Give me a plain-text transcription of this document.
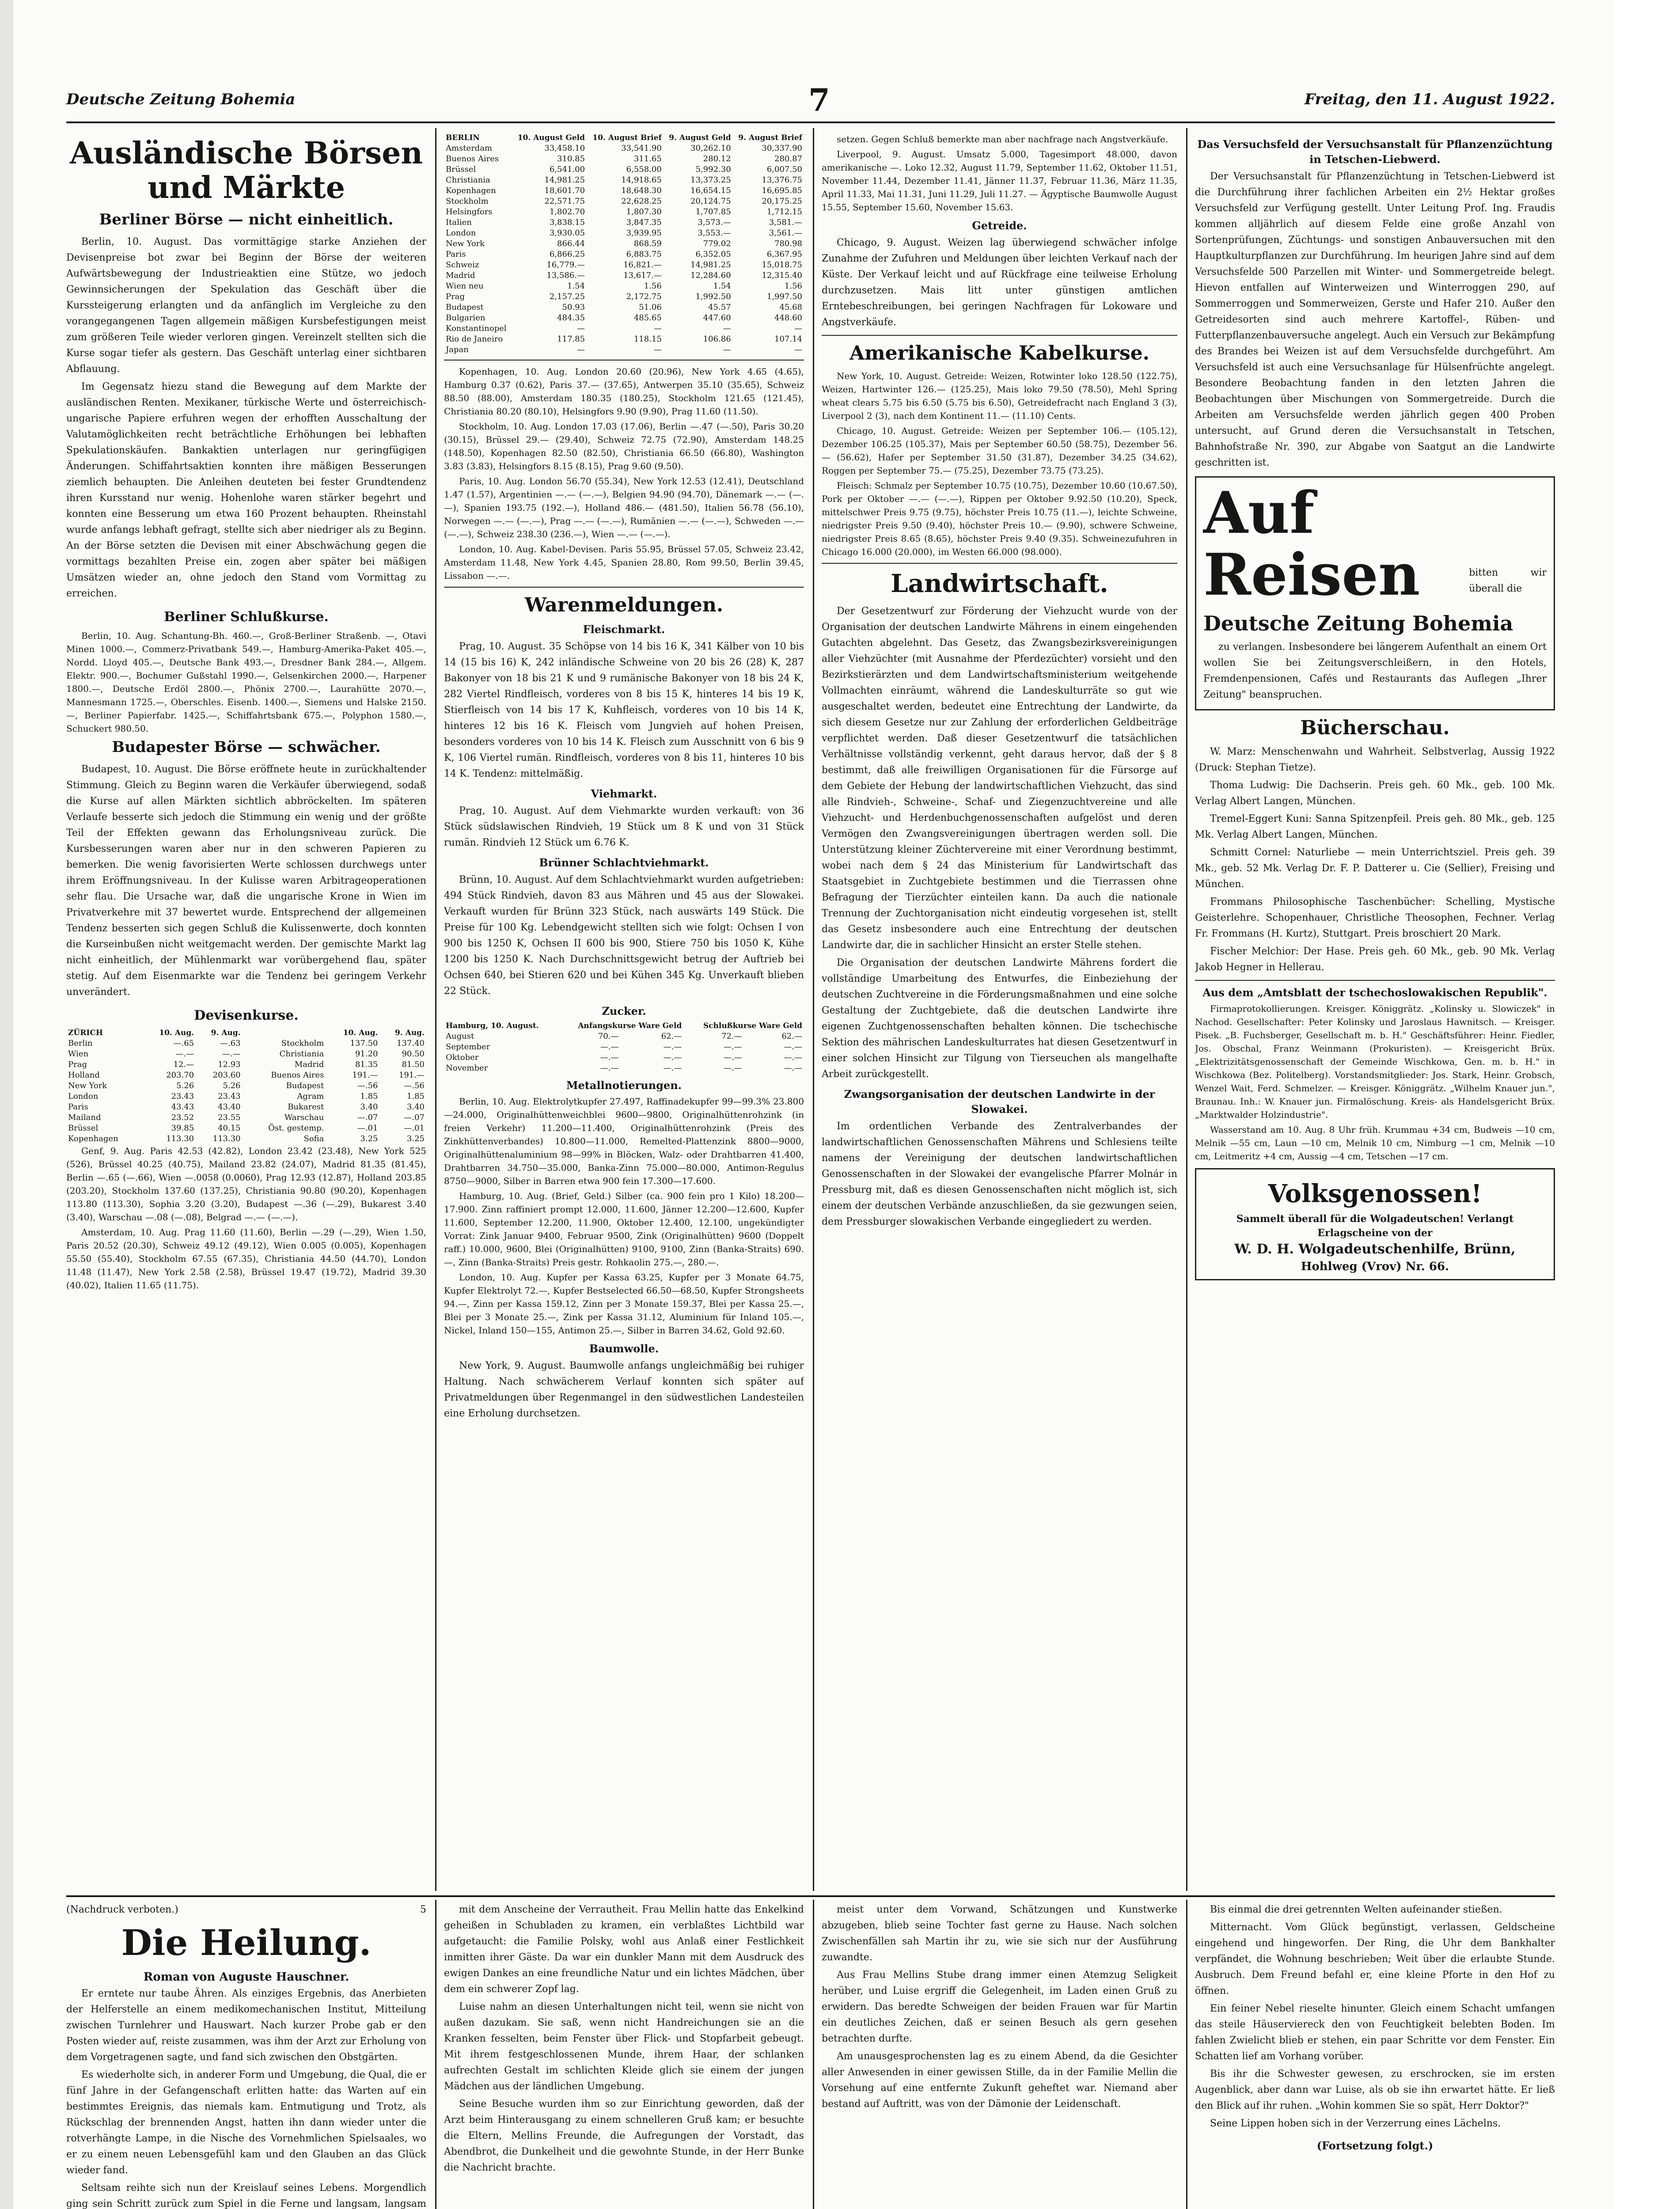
Deutsche Zeitung Bohemia	7	Freitag, den 11. August 1922.
Ausländische Börsen und Märkte
Berliner Börse — nicht einheitlich.

Berlin, 10. August. Das vormittägige starke Anziehen der Devisenpreise bot zwar bei Beginn der Börse der weiteren Aufwärtsbewegung der Industrieaktien eine Stütze, wo jedoch Gewinnsicherungen der Spekulation das Geschäft über die Kurssteigerung erlangten und da anfänglich im Vergleiche zu den vorangegangenen Tagen allgemein mäßigen Kursbefestigungen meist zum größeren Teile wieder verloren gingen. Vereinzelt stellten sich die Kurse sogar tiefer als gestern. Das Geschäft unterlag einer sichtbaren Abflauung.

Im Gegensatz hiezu stand die Bewegung auf dem Markte der ausländischen Renten. Mexikaner, türkische Werte und österreichisch-ungarische Papiere erfuhren wegen der erhofften Ausschaltung der Valutamöglichkeiten recht beträchtliche Erhöhungen bei lebhaften Spekulationskäufen. Bankaktien unterlagen nur geringfügigen Änderungen. Schiffahrtsaktien konnten ihre mäßigen Besserungen ziemlich behaupten. Die Anleihen deuteten bei fester Grundtendenz ihren Kursstand nur wenig. Hohenlohe waren stärker begehrt und konnten eine Besserung um etwa 160 Prozent behaupten. Rheinstahl wurde anfangs lebhaft gefragt, stellte sich aber niedriger als zu Beginn. An der Börse setzten die Devisen mit einer Abschwächung gegen die vormittags bezahlten Preise ein, zogen aber später bei mäßigen Umsätzen wieder an, ohne jedoch den Stand vom Vormittag zu erreichen.

Berliner Schlußkurse.

Berlin, 10. Aug. Schantung-Bh. 460.—, Groß-Berliner Straßenb. —, Otavi Minen 1000.—, Commerz-Privatbank 549.—, Hamburg-Amerika-Paket 405.—, Nordd. Lloyd 405.—, Deutsche Bank 493.—, Dresdner Bank 284.—, Allgem. Elektr. 900.—, Bochumer Gußstahl 1990.—, Gelsenkirchen 2000.—, Harpener 1800.—, Deutsche Erdöl 2800.—, Phönix 2700.—, Laurahütte 2070.—, Mannesmann 1725.—, Oberschles. Eisenb. 1400.—, Siemens und Halske 2150.—, Berliner Papierfabr. 1425.—, Schiffahrtsbank 675.—, Polyphon 1580.—, Schuckert 980.50.

Budapester Börse — schwächer.

Budapest, 10. August. Die Börse eröffnete heute in zurückhaltender Stimmung. Gleich zu Beginn waren die Verkäufer überwiegend, sodaß die Kurse auf allen Märkten sichtlich abbröckelten. Im späteren Verlaufe besserte sich jedoch die Stimmung ein wenig und der größte Teil der Effekten gewann das Erholungsniveau zurück. Die Kursbesserungen waren aber nur in den schweren Papieren zu bemerken. Die wenig favorisierten Werte schlossen durchwegs unter ihrem Eröffnungsniveau. In der Kulisse waren Arbitrageoperationen sehr flau. Die Ursache war, daß die ungarische Krone in Wien im Privatverkehre mit 37 bewertet wurde. Entsprechend der allgemeinen Tendenz besserten sich gegen Schluß die Kulissenwerte, doch konnten die Kurseinbußen nicht weitgemacht werden. Der gemischte Markt lag nicht einheitlich, der Mühlenmarkt war vorübergehend flau, später stetig. Auf dem Eisenmarkte war die Tendenz bei geringem Verkehr unverändert.

Devisenkurse.
ZÜRICH	10. Aug.	9. Aug.		10. Aug.	9. Aug.
Berlin	—.65	—.63	Stockholm	137.50	137.40
Wien	—.—	—.—	Christiania	91.20	90.50
Prag	12.—	12.93	Madrid	81.35	81.50
Holland	203.70	203.60	Buenos Aires	191.—	191.—
New York	5.26	5.26	Budapest	—.56	—.56
London	23.43	23.43	Agram	1.85	1.85
Paris	43.43	43.40	Bukarest	3.40	3.40
Mailand	23.52	23.55	Warschau	—.07	—.07
Brüssel	39.85	40.15	Öst. gestemp.	—.01	—.01
Kopenhagen	113.30	113.30	Sofia	3.25	3.25

Genf, 9. Aug. Paris 42.53 (42.82), London 23.42 (23.48), New York 525 (526), Brüssel 40.25 (40.75), Mailand 23.82 (24.07), Madrid 81.35 (81.45), Berlin —.65 (—.66), Wien —.0058 (0.0060), Prag 12.93 (12.87), Holland 203.85 (203.20), Stockholm 137.60 (137.25), Christiania 90.80 (90.20), Kopenhagen 113.80 (113.30), Sophia 3.20 (3.20), Budapest —.36 (—.29), Bukarest 3.40 (3.40), Warschau —.08 (—.08), Belgrad —.— (—.—).

Amsterdam, 10. Aug. Prag 11.60 (11.60), Berlin —.29 (—.29), Wien 1.50, Paris 20.52 (20.30), Schweiz 49.12 (49.12), Wien 0.005 (0.005), Kopenhagen 55.50 (55.40), Stockholm 67.55 (67.35), Christiania 44.50 (44.70), London 11.48 (11.47), New York 2.58 (2.58), Brüssel 19.47 (19.72), Madrid 39.30 (40.02), Italien 11.65 (11.75).

BERLIN	10. August Geld	10. August Brief	9. August Geld	9. August Brief
Amsterdam	33,458.10	33,541.90	30,262.10	30,337.90
Buenos Aires	310.85	311.65	280.12	280.87
Brüssel	6,541.00	6,558.00	5,992.30	6,007.50
Christiania	14,981.25	14,918.65	13,373.25	13,376.75
Kopenhagen	18,601.70	18,648.30	16,654.15	16,695.85
Stockholm	22,571.75	22,628.25	20,124.75	20,175.25
Helsingfors	1,802.70	1,807.30	1,707.85	1,712.15
Italien	3,838.15	3,847.35	3,573.—	3,581.—
London	3,930.05	3,939.95	3,553.—	3,561.—
New York	866.44	868.59	779.02	780.98
Paris	6,866.25	6,883.75	6,352.05	6,367.95
Schweiz	16,779.—	16,821.—	14,981.25	15,018.75
Madrid	13,586.—	13,617.—	12,284.60	12,315.40
Wien neu	1.54	1.56	1.54	1.56
Prag	2,157.25	2,172.75	1,992.50	1,997.50
Budapest	50.93	51.06	45.57	45.68
Bulgarien	484.35	485.65	447.60	448.60
Konstantinopel	—	—	—	—
Rio de Janeiro	117.85	118.15	106.86	107.14
Japan	—	—	—	—

Kopenhagen, 10. Aug. London 20.60 (20.96), New York 4.65 (4.65), Hamburg 0.37 (0.62), Paris 37.— (37.65), Antwerpen 35.10 (35.65), Schweiz 88.50 (88.00), Amsterdam 180.35 (180.25), Stockholm 121.65 (121.45), Christiania 80.20 (80.10), Helsingfors 9.90 (9.90), Prag 11.60 (11.50).

Stockholm, 10. Aug. London 17.03 (17.06), Berlin —.47 (—.50), Paris 30.20 (30.15), Brüssel 29.— (29.40), Schweiz 72.75 (72.90), Amsterdam 148.25 (148.50), Kopenhagen 82.50 (82.50), Christiania 66.50 (66.80), Washington 3.83 (3.83), Helsingfors 8.15 (8.15), Prag 9.60 (9.50).

Paris, 10. Aug. London 56.70 (55.34), New York 12.53 (12.41), Deutschland 1.47 (1.57), Argentinien —.— (—.—), Belgien 94.90 (94.70), Dänemark —.— (—.—), Spanien 193.75 (192.—), Holland 486.— (481.50), Italien 56.78 (56.10), Norwegen —.— (—.—), Prag —.— (—.—), Rumänien —.— (—.—), Schweden —.— (—.—), Schweiz 238.30 (236.—), Wien —.— (—.—).

London, 10. Aug. Kabel-Devisen. Paris 55.95, Brüssel 57.05, Schweiz 23.42, Amsterdam 11.48, New York 4.45, Spanien 28.80, Rom 99.50, Berlin 39.45, Lissabon —.—.

Warenmeldungen.
Fleischmarkt.

Prag, 10. August. 35 Schöpse von 14 bis 16 K, 341 Kälber von 10 bis 14 (15 bis 16) K, 242 inländische Schweine von 20 bis 26 (28) K, 287 Bakonyer von 18 bis 21 K und 9 rumänische Bakonyer von 18 bis 24 K, 282 Viertel Rindfleisch, vorderes von 8 bis 15 K, hinteres 14 bis 19 K, Stierfleisch von 14 bis 17 K, Kuhfleisch, vorderes von 10 bis 14 K, hinteres 12 bis 16 K. Fleisch vom Jungvieh auf hohen Preisen, besonders vorderes von 10 bis 14 K. Fleisch zum Ausschnitt von 6 bis 9 K, 106 Viertel rumän. Rindfleisch, vorderes von 8 bis 11, hinteres 10 bis 14 K. Tendenz: mittelmäßig.

Viehmarkt.

Prag, 10. August. Auf dem Viehmarkte wurden verkauft: von 36 Stück südslawischen Rindvieh, 19 Stück um 8 K und von 31 Stück rumän. Rindvieh 12 Stück um 6.76 K.

Brünner Schlachtviehmarkt.

Brünn, 10. August. Auf dem Schlachtviehmarkt wurden aufgetrieben: 494 Stück Rindvieh, davon 83 aus Mähren und 45 aus der Slowakei. Verkauft wurden für Brünn 323 Stück, nach auswärts 149 Stück. Die Preise für 100 Kg. Lebendgewicht stellten sich wie folgt: Ochsen I von 900 bis 1250 K, Ochsen II 600 bis 900, Stiere 750 bis 1050 K, Kühe 1200 bis 1250 K. Nach Durchschnittsgewicht betrug der Auftrieb bei Ochsen 640, bei Stieren 620 und bei Kühen 345 Kg. Unverkauft blieben 22 Stück.

Zucker.
Hamburg, 10. August.	Anfangskurse Ware Geld		Schlußkurse Ware Geld	
August	70.—	62.—	72.—	62.—
September	—.—	—.—	—.—	—.—
Oktober	—.—	—.—	—.—	—.—
November	—.—	—.—	—.—	—.—
Metallnotierungen.

Berlin, 10. Aug. Elektrolytkupfer 27.497, Raffinadekupfer 99—99.3% 23.800—24.000, Originalhüttenweichblei 9600—9800, Originalhüttenrohzink (in freien Verkehr) 11.200—11.400, Originalhüttenrohzink (Preis des Zinkhüttenverbandes) 10.800—11.000, Remelted-Plattenzink 8800—9000, Originalhüttenaluminium 98—99% in Blöcken, Walz- oder Drahtbarren 41.400, Drahtbarren 34.750—35.000, Banka-Zinn 75.000—80.000, Antimon-Regulus 8750—9000, Silber in Barren etwa 900 fein 17.300—17.600.

Hamburg, 10. Aug. (Brief, Geld.) Silber (ca. 900 fein pro 1 Kilo) 18.200—17.900. Zinn raffiniert prompt 12.000, 11.600, Jänner 12.200—12.600, Kupfer 11.600, September 12.200, 11.900, Oktober 12.400, 12.100, ungekündigter Vorrat: Zink Januar 9400, Februar 9500, Zink (Originalhütten) 9600 (Doppelt raff.) 10.000, 9600, Blei (Originalhütten) 9100, 9100, Zinn (Banka-Straits) 690.—, Zinn (Banka-Straits) Preis gestr. Rohkaolin 275.—, 280.—.

London, 10. Aug. Kupfer per Kassa 63.25, Kupfer per 3 Monate 64.75, Kupfer Elektrolyt 72.—, Kupfer Bestselected 66.50—68.50, Kupfer Strongsheets 94.—, Zinn per Kassa 159.12, Zinn per 3 Monate 159.37, Blei per Kassa 25.—, Blei per 3 Monate 25.—, Zink per Kassa 31.12, Aluminium für Inland 105.—, Nickel, Inland 150—155, Antimon 25.—, Silber in Barren 34.62, Gold 92.60.

Baumwolle.

New York, 9. August. Baumwolle anfangs ungleichmäßig bei ruhiger Haltung. Nach schwächerem Verlauf konnten sich später auf Privatmeldungen über Regenmangel in den südwestlichen Landesteilen eine Erholung durchsetzen.

setzen. Gegen Schluß bemerkte man aber nachfrage nach Angstverkäufe.

Liverpool, 9. August. Umsatz 5.000, Tagesimport 48.000, davon amerikanische —. Loko 12.32, August 11.79, September 11.62, Oktober 11.51, November 11.44, Dezember 11.41, Jänner 11.37, Februar 11.36, März 11.35, April 11.33, Mai 11.31, Juni 11.29, Juli 11.27. — Ägyptische Baumwolle August 15.55, September 15.60, November 15.63.

Getreide.

Chicago, 9. August. Weizen lag überwiegend schwächer infolge Zunahme der Zufuhren und Meldungen über leichten Verkauf nach der Küste. Der Verkauf leicht und auf Rückfrage eine teilweise Erholung durchzusetzen. Mais litt unter günstigen amtlichen Erntebeschreibungen, bei geringen Nachfragen für Lokoware und Angstverkäufe.

Amerikanische Kabelkurse.

New York, 10. August. Getreide: Weizen, Rotwinter loko 128.50 (122.75), Weizen, Hartwinter 126.— (125.25), Mais loko 79.50 (78.50), Mehl Spring wheat clears 5.75 bis 6.50 (5.75 bis 6.50), Getreidefracht nach England 3 (3), Liverpool 2 (3), nach dem Kontinent 11.— (11.10) Cents.

Chicago, 10. August. Getreide: Weizen per September 106.— (105.12), Dezember 106.25 (105.37), Mais per September 60.50 (58.75), Dezember 56.— (56.62), Hafer per September 31.50 (31.87), Dezember 34.25 (34.62), Roggen per September 75.— (75.25), Dezember 73.75 (73.25).

Fleisch: Schmalz per September 10.75 (10.75), Dezember 10.60 (10.67.50), Pork per Oktober —.— (—.—), Rippen per Oktober 9.92.50 (10.20), Speck, mittelschwer Preis 9.75 (9.75), höchster Preis 10.75 (11.—), leichte Schweine, niedrigster Preis 9.50 (9.40), höchster Preis 10.— (9.90), schwere Schweine, niedrigster Preis 8.65 (8.65), höchster Preis 9.40 (9.35). Schweinezufuhren in Chicago 16.000 (20.000), im Westen 66.000 (98.000).

Landwirtschaft.

Der Gesetzentwurf zur Förderung der Viehzucht wurde von der Organisation der deutschen Landwirte Mährens in einem eingehenden Gutachten abgelehnt. Das Gesetz, das Zwangsbezirksvereinigungen aller Viehzüchter (mit Ausnahme der Pferdezüchter) vorsieht und den Bezirkstierärzten und dem Landwirtschaftsministerium weitgehende Vollmachten einräumt, während die Landeskulturräte so gut wie ausgeschaltet werden, bedeutet eine Entrechtung der Landwirte, da sich diesem Gesetze nur zur Zahlung der erforderlichen Geldbeiträge verpflichtet werden. Daß dieser Gesetzentwurf die tatsächlichen Verhältnisse vollständig verkennt, geht daraus hervor, daß der § 8 bestimmt, daß alle freiwilligen Organisationen für die Fürsorge auf dem Gebiete der Hebung der landwirtschaftlichen Viehzucht, das sind alle Rindvieh-, Schweine-, Schaf- und Ziegenzuchtvereine und alle Viehzucht- und Herdenbuchgenossenschaften aufgelöst und deren Vermögen den Zwangsvereinigungen übertragen werden soll. Die Unterstützung kleiner Züchtervereine mit einer Verordnung bestimmt, wobei nach dem § 24 das Ministerium für Landwirtschaft das Staatsgebiet in Zuchtgebiete bestimmen und die Tierrassen ohne Befragung der Tierzüchter einteilen kann. Da auch die nationale Trennung der Zuchtorganisation nicht eindeutig vorgesehen ist, stellt das Gesetz insbesondere auch eine Entrechtung der deutschen Landwirte dar, die in sachlicher Hinsicht an erster Stelle stehen.

Die Organisation der deutschen Landwirte Mährens fordert die vollständige Umarbeitung des Entwurfes, die Einbeziehung der deutschen Zuchtvereine in die Förderungsmaßnahmen und eine solche Gestaltung der Zuchtgebiete, daß die deutschen Landwirte ihre eigenen Zuchtgenossenschaften behalten können. Die tschechische Sektion des mährischen Landeskulturrates hat diesen Gesetzentwurf in einer solchen Hinsicht zur Tilgung von Tierseuchen als mangelhafte Arbeit zurückgestellt.

Zwangsorganisation der deutschen Landwirte in der Slowakei.

Im ordentlichen Verbande des Zentralverbandes der landwirtschaftlichen Genossenschaften Mährens und Schlesiens teilte namens der Vereinigung der deutschen landwirtschaftlichen Genossenschaften in der Slowakei der evangelische Pfarrer Molnár in Pressburg mit, daß es diesen Genossenschaften nicht möglich ist, sich einem der deutschen Verbände anzuschließen, da sie gezwungen seien, dem Pressburger slowakischen Verbande eingegliedert zu werden.

Das Versuchsfeld der Versuchsanstalt für Pflanzenzüchtung in Tetschen-Liebwerd.

Der Versuchsanstalt für Pflanzenzüchtung in Tetschen-Liebwerd ist die Durchführung ihrer fachlichen Arbeiten ein 2½ Hektar großes Versuchsfeld zur Verfügung gestellt. Unter Leitung Prof. Ing. Fraudis kommen alljährlich auf diesem Felde eine große Anzahl von Sortenprüfungen, Züchtungs- und sonstigen Anbauversuchen mit den Hauptkulturpflanzen zur Durchführung. Im heurigen Jahre sind auf dem Versuchsfelde 500 Parzellen mit Winter- und Sommergetreide belegt. Hievon entfallen auf Winterweizen und Winterroggen 290, auf Sommerroggen und Sommerweizen, Gerste und Hafer 210. Außer den Getreidesorten sind auch mehrere Kartoffel-, Rüben- und Futterpflanzenbauversuche angelegt. Auch ein Versuch zur Bekämpfung des Brandes bei Weizen ist auf dem Versuchsfelde durchgeführt. Am Versuchsfeld ist auch eine Versuchsanlage für Hülsenfrüchte angelegt. Besondere Beobachtung fanden in den letzten Jahren die Beobachtungen über Mischungen von Sommergetreide. Durch die Arbeiten am Versuchsfelde werden jährlich gegen 400 Proben untersucht, auf Grund deren die Versuchsanstalt in Tetschen, Bahnhofstraße Nr. 390, zur Abgabe von Saatgut an die Landwirte geschritten ist.

Auf Reisen	bitten wir überall die
Deutsche Zeitung Bohemia

zu verlangen. Insbesondere bei längerem Aufenthalt an einem Ort wollen Sie bei Zeitungsverschleißern, in den Hotels, Fremdenpensionen, Cafés und Restaurants das Auflegen „Ihrer Zeitung" beanspruchen.

Bücherschau.

W. Marz: Menschenwahn und Wahrheit. Selbstverlag, Aussig 1922 (Druck: Stephan Tietze).

Thoma Ludwig: Die Dachserin. Preis geh. 60 Mk., geb. 100 Mk. Verlag Albert Langen, München.

Tremel-Eggert Kuni: Sanna Spitzenpfeil. Preis geh. 80 Mk., geb. 125 Mk. Verlag Albert Langen, München.

Schmitt Cornel: Naturliebe — mein Unterrichtsziel. Preis geh. 39 Mk., geb. 52 Mk. Verlag Dr. F. P. Datterer u. Cie (Sellier), Freising und München.

Frommans Philosophische Taschenbücher: Schelling, Mystische Geisterlehre. Schopenhauer, Christliche Theosophen, Fechner. Verlag Fr. Frommans (H. Kurtz), Stuttgart. Preis broschiert 20 Mark.

Fischer Melchior: Der Hase. Preis geh. 60 Mk., geb. 90 Mk. Verlag Jakob Hegner in Hellerau.

Aus dem „Amtsblatt der tschechoslowakischen Republik".

Firmaprotokollierungen. Kreisger. Königgrätz. „Kolinsky u. Slowiczek" in Nachod. Gesellschafter: Peter Kolinsky und Jaroslaus Hawnitsch. — Kreisger. Pisek. „B. Fuchsberger, Gesellschaft m. b. H." Geschäftsführer: Heinr. Fiedler, Jos. Obschal, Franz Weinmann (Prokuristen). — Kreisgericht Brüx. „Elektrizitätsgenossenschaft der Gemeinde Wischkowa, Gen. m. b. H." in Wischkowa (Bez. Politelberg). Vorstandsmitglieder: Jos. Stark, Heinr. Grobsch, Wenzel Wait, Ferd. Schmelzer. — Kreisger. Königgrätz. „Wilhelm Knauer jun.", Braunau. Inh.: W. Knauer jun. Firmalöschung. Kreis- als Handelsgericht Brüx. „Marktwalder Holzindustrie".

Wasserstand am 10. Aug. 8 Uhr früh. Krummau +34 cm, Budweis —10 cm, Melnik —55 cm, Laun —10 cm, Melnik 10 cm, Nimburg —1 cm, Melnik —10 cm, Leitmeritz +4 cm, Aussig —4 cm, Tetschen —17 cm.

Volksgenossen!
Sammelt überall für die Wolgadeutschen! Verlangt Erlagscheine von der
W. D. H. Wolgadeutschenhilfe, Brünn,
Hohlweg (Vrov) Nr. 66.
(Nachdruck verboten.)	5
Die Heilung.
Roman von Auguste Hauschner.

Er erntete nur taube Ähren. Als einziges Ergebnis, das Anerbieten der Helferstelle an einem medikomechanischen Institut, Mitteilung zwischen Turnlehrer und Hauswart. Nach kurzer Probe gab er den Posten wieder auf, reiste zusammen, was ihm der Arzt zur Erholung von dem Vorgetragenen sagte, und fand sich zwischen den Obstgärten.

Es wiederholte sich, in anderer Form und Umgebung, die Qual, die er fünf Jahre in der Gefangenschaft erlitten hatte: das Warten auf ein bestimmtes Ereignis, das niemals kam. Entmutigung und Trotz, als Rückschlag der brennenden Angst, hatten ihn dann wieder unter die rotverhängte Lampe, in die Nische des Vornehmlichen Spielsaales, wo er zu einem neuen Lebensgefühl kam und den Glauben an das Glück wieder fand.

Seltsam reihte sich nun der Kreislauf seines Lebens. Morgendlich ging sein Schritt zurück zum Spiel in die Ferne und langsam, langsam

mit dem Anscheine der Verrautheit. Frau Mellin hatte das Enkelkind geheißen in Schubladen zu kramen, ein verblaßtes Lichtbild war aufgetaucht: die Familie Polsky, wohl aus Anlaß einer Festlichkeit inmitten ihrer Gäste. Da war ein dunkler Mann mit dem Ausdruck des ewigen Dankes an eine freundliche Natur und ein lichtes Mädchen, über dem ein schwerer Zopf lag.

Luise nahm an diesen Unterhaltungen nicht teil, wenn sie nicht von außen dazukam. Sie saß, wenn nicht Handreichungen sie an die Kranken fesselten, beim Fenster über Flick- und Stopfarbeit gebeugt. Mit ihrem festgeschlossenen Munde, ihrem Haar, der schlanken aufrechten Gestalt im schlichten Kleide glich sie einem der jungen Mädchen aus der ländlichen Umgebung.

Seine Besuche wurden ihm so zur Einrichtung geworden, daß der Arzt beim Hinterausgang zu einem schnelleren Gruß kam; er besuchte die Eltern, Mellins Freunde, die Aufregungen der Vorstadt, das Abendbrot, die Dunkelheit und die gewohnte Stunde, in der Herr Bunke die Nachricht brachte.

meist unter dem Vorwand, Schätzungen und Kunstwerke abzugeben, blieb seine Tochter fast gerne zu Hause. Nach solchen Zwischenfällen sah Martin ihr zu, wie sie sich nur der Ausführung zuwandte.

Aus Frau Mellins Stube drang immer einen Atemzug Seligkeit herüber, und Luise ergriff die Gelegenheit, im Laden einen Gruß zu erwidern. Das beredte Schweigen der beiden Frauen war für Martin ein deutliches Zeichen, daß er seinen Besuch als gern gesehen betrachten durfte.

Am unausgesprochensten lag es zu einem Abend, da die Gesichter aller Anwesenden in einer gewissen Stille, da in der Familie Mellin die Vorsehung auf eine entfernte Zukunft geheftet war. Niemand aber bestand auf Auftritt, was von der Dämonie der Leidenschaft.

Bis einmal die drei getrennten Welten aufeinander stießen.

Mitternacht. Vom Glück begünstigt, verlassen, Geldscheine eingehend und hingeworfen. Der Ring, die Uhr dem Bankhalter verpfändet, die Wohnung beschrieben; Weit über die erlaubte Stunde. Ausbruch. Dem Freund befahl er, eine kleine Pforte in den Hof zu öffnen.

Ein feiner Nebel rieselte hinunter. Gleich einem Schacht umfangen das steile Häuserviereck den von Feuchtigkeit belebten Boden. Im fahlen Zwielicht blieb er stehen, ein paar Schritte vor dem Fenster. Ein Schatten lief am Vorhang vorüber.

Bis ihr die Schwester gewesen, zu erschrocken, sie im ersten Augenblick, aber dann war Luise, als ob sie ihn erwartet hätte. Er ließ den Blick auf ihr ruhen. „Wohin kommen Sie so spät, Herr Doktor?"

Seine Lippen hoben sich in der Verzerrung eines Lächelns.

(Fortsetzung folgt.)
